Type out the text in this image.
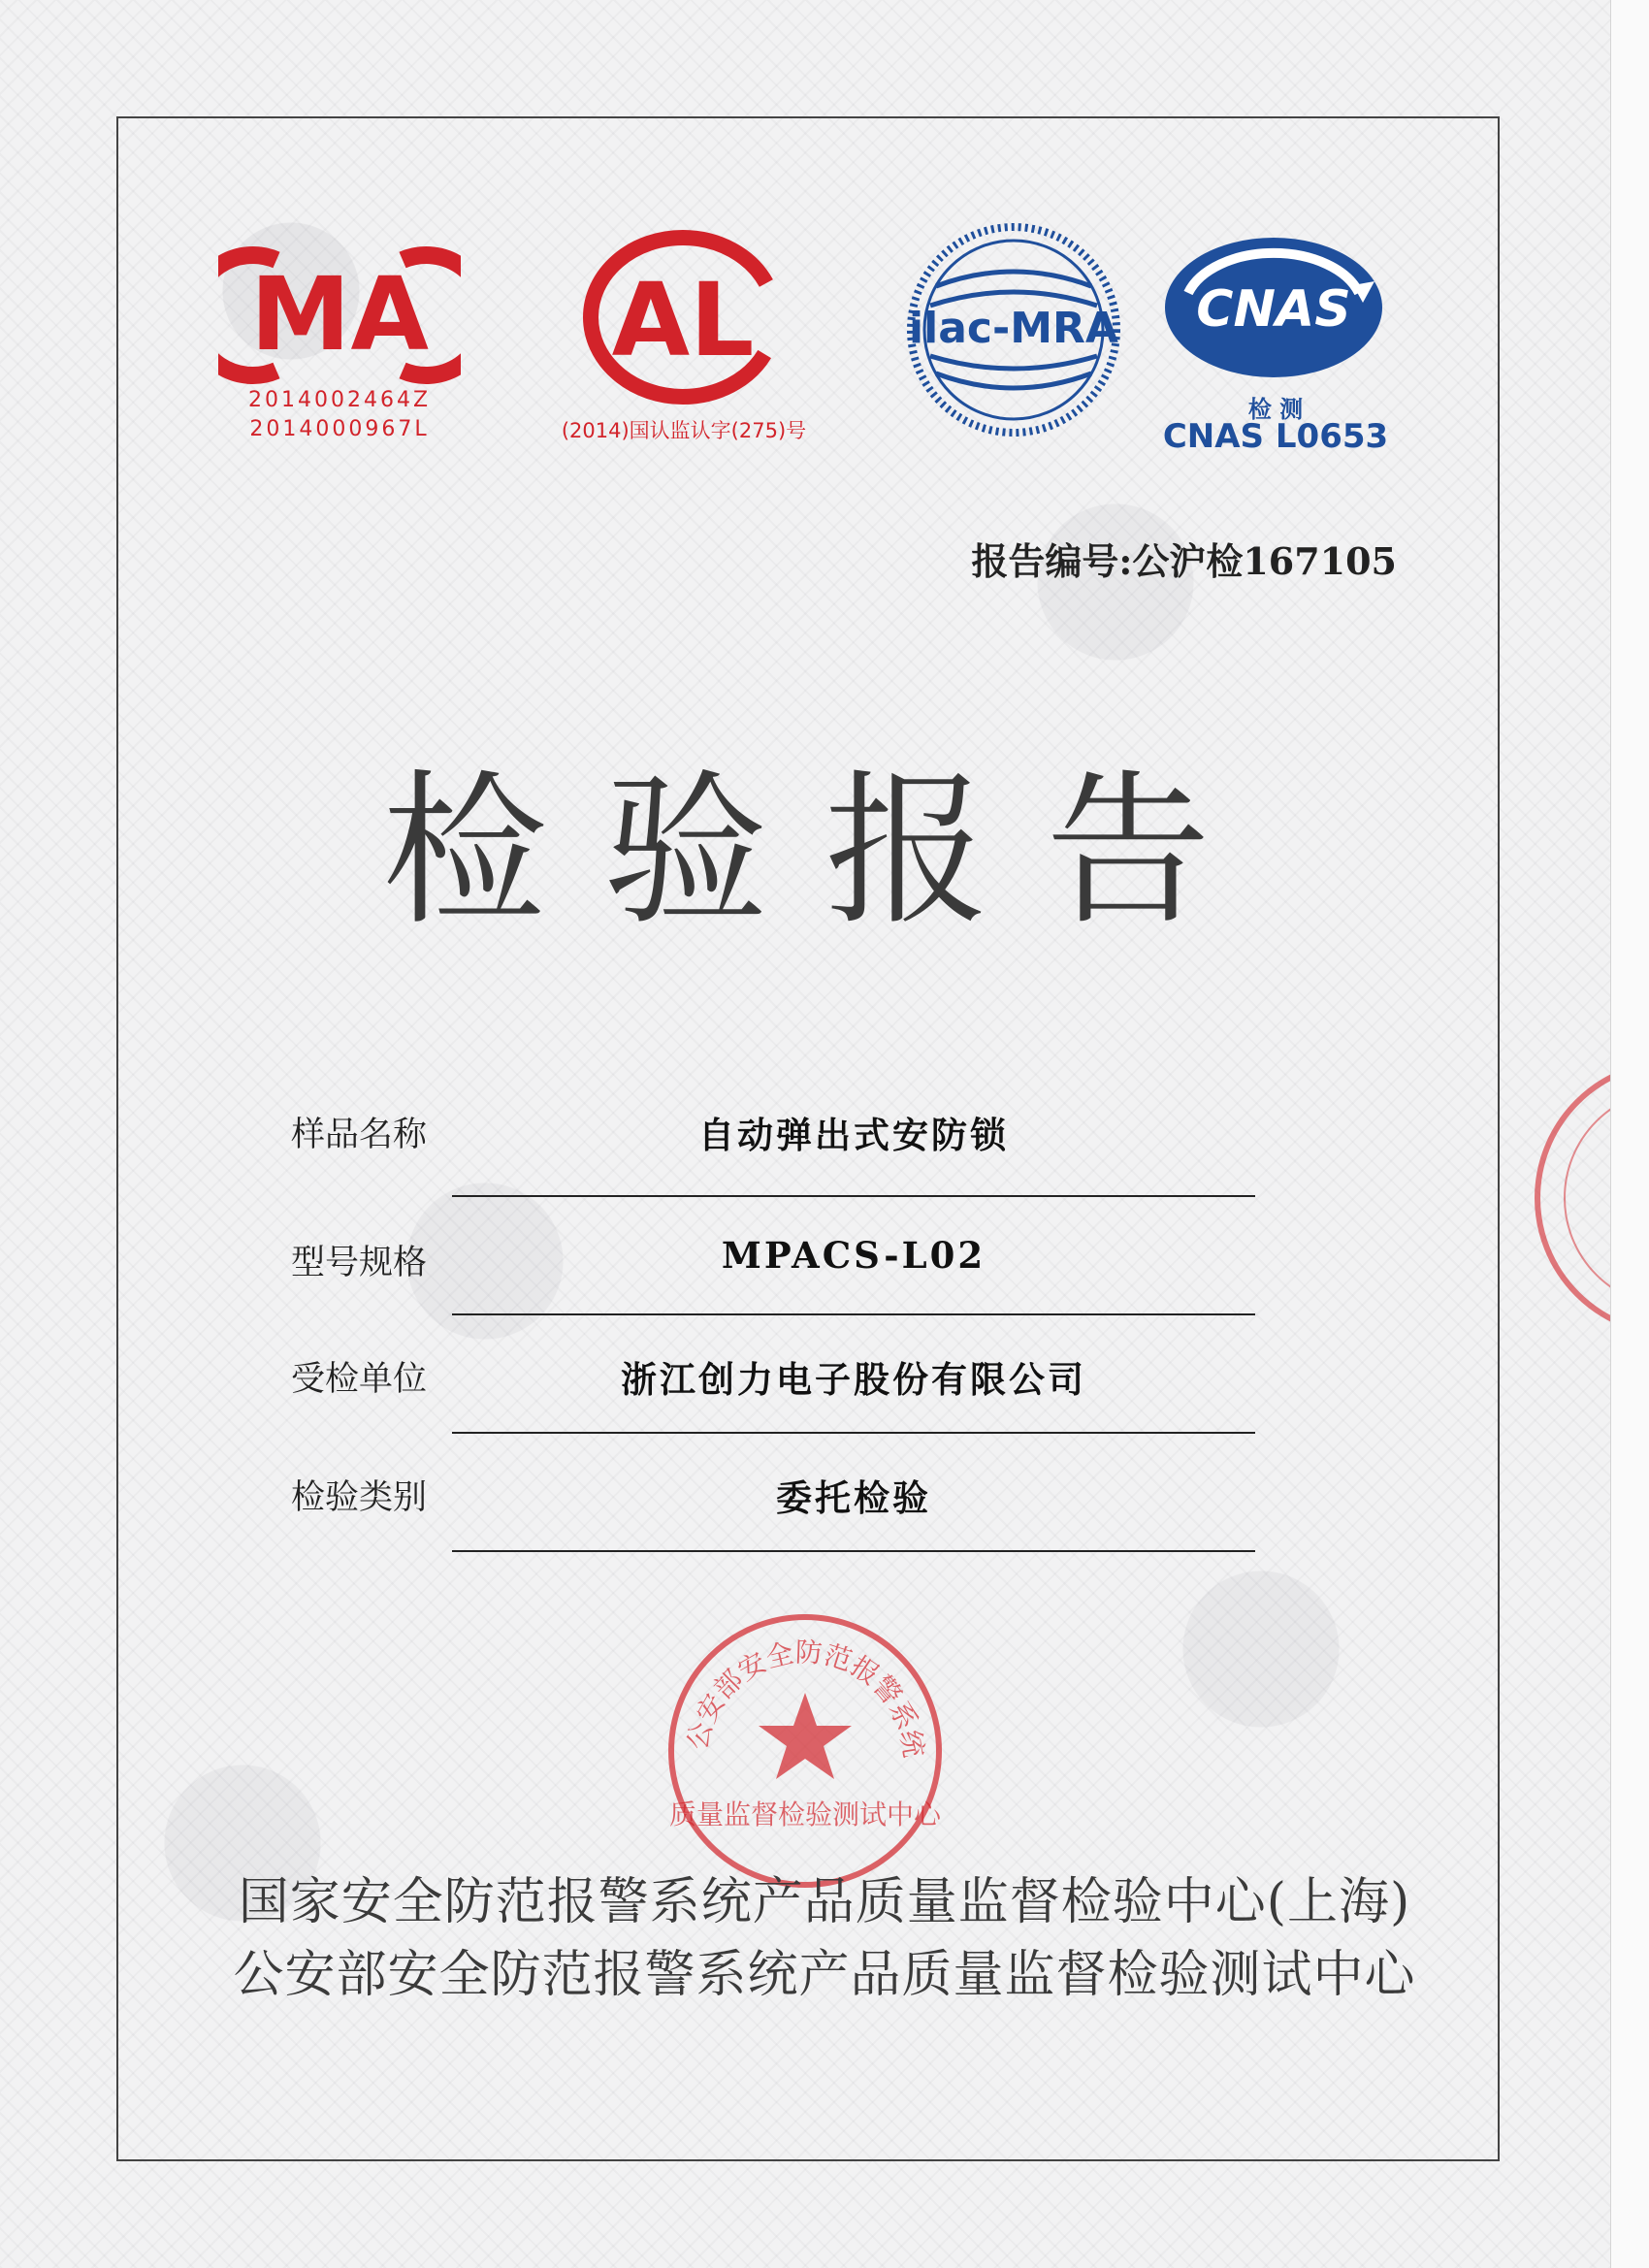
MA
2014002464Z
2014000967L
AL
(2014)国认监认字(275)号
ilac-MRA CNAS
检 测
CNAS L0653
报告编号:公沪检167105
检验报告
样品名称	自动弹出式安防锁
型号规格	MPACS-L02
受检单位	浙江创力电子股份有限公司
检验类别	委托检验
公安部安全防范报警系统
质量监督检验测试中心
国家安全防范报警系统产品质量监督检验中心(上海)
公安部安全防范报警系统产品质量监督检验测试中心
